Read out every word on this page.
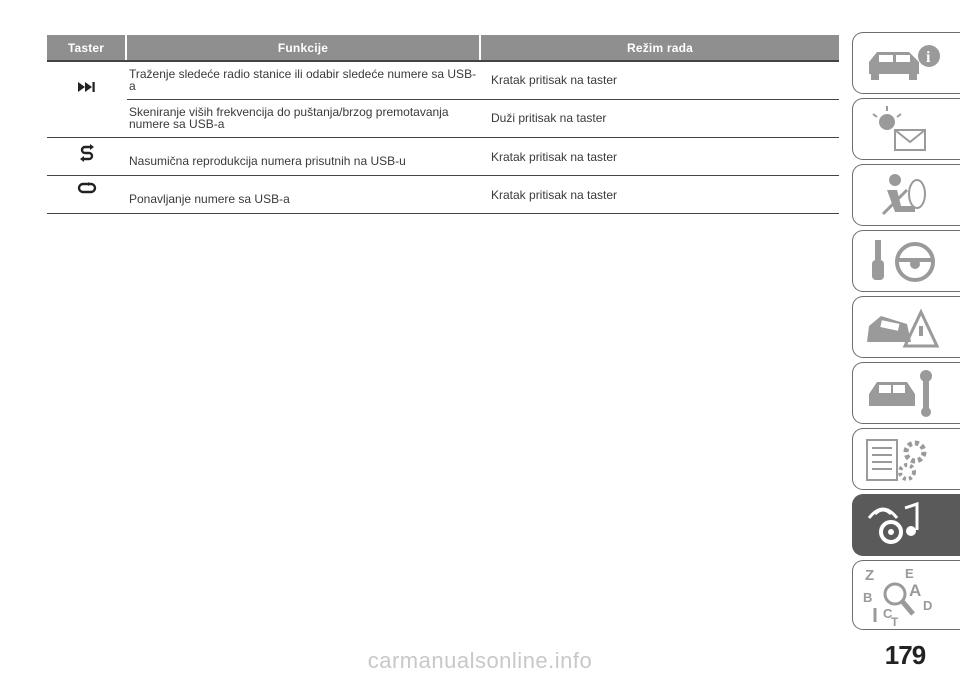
Taster	Funkcije	Režim rada
Traženje sledeće radio stanice ili odabir sledeće numere sa USB-a	Kratak pritisak na taster
Skeniranje viših frekvencija do puštanja/brzog premotavanja numere sa USB-a	Duži pritisak na taster
Nasumična reprodukcija numera prisutnih na USB-u	Kratak pritisak na taster
Ponavljanje numere sa USB-a	Kratak pritisak na taster
i
Z E
A
B
C
D
T
179
carmanualsonline.info
